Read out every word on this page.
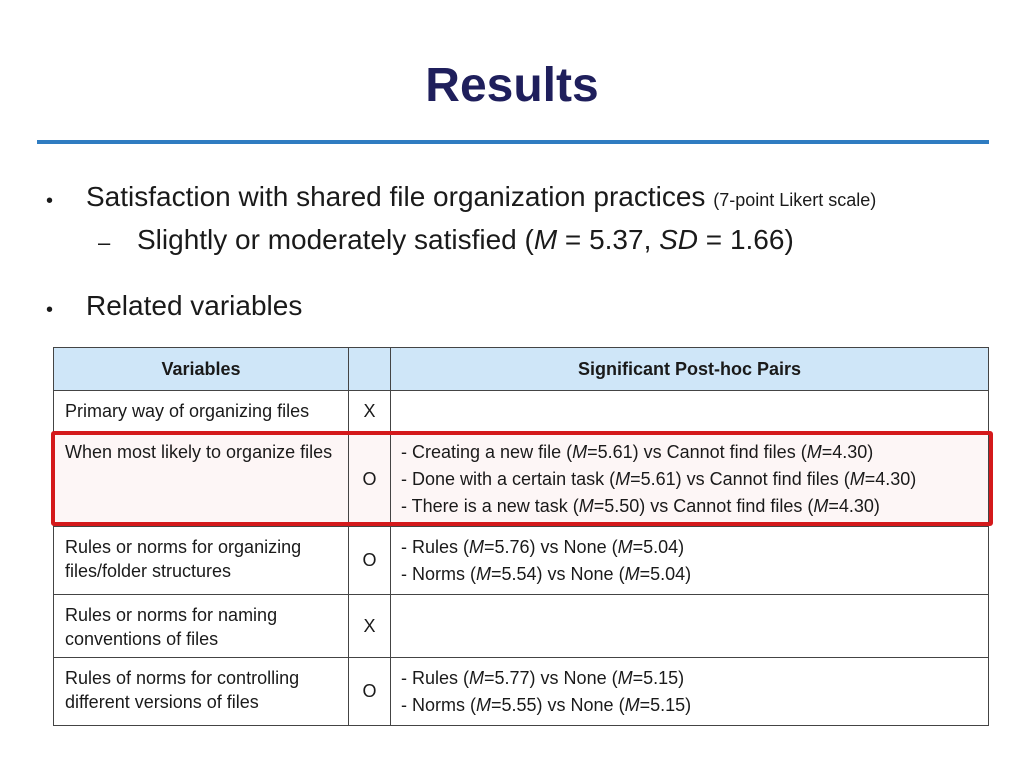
Results
• Satisfaction with shared file organization practices (7-point Likert scale)
– Slightly or moderately satisfied (M = 5.37, SD = 1.66)
• Related variables
Variables		Significant Post-hoc Pairs
Primary way of organizing files	X	
When most likely to organize files	O	- Creating a new file (M=5.61) vs Cannot find files (M=4.30)
- Done with a certain task (M=5.61) vs Cannot find files (M=4.30)
- There is a new task (M=5.50) vs Cannot find files (M=4.30)

Rules or norms for organizing files/folder structures	O	- Rules (M=5.76) vs None (M=5.04)
- Norms (M=5.54) vs None (M=5.04)

Rules or norms for naming conventions of files	X	
Rules of norms for controlling different versions of files	O	- Rules (M=5.77) vs None (M=5.15)
- Norms (M=5.55) vs None (M=5.15)
